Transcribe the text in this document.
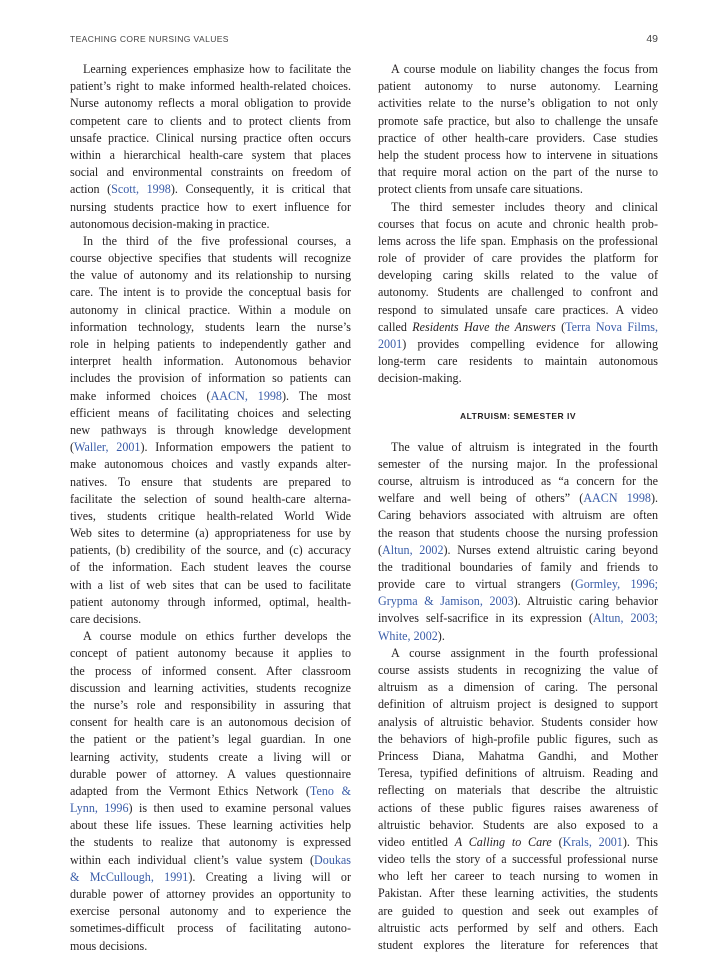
TEACHING CORE NURSING VALUES	49
Learning experiences emphasize how to facilitate the
patient’s right to make informed health-related choices.
Nurse autonomy reflects a moral obligation to provide
competent care to clients and to protect clients from
unsafe practice. Clinical nursing practice often occurs
within a hierarchical health-care system that places
social and environmental constraints on freedom of
action (Scott, 1998). Consequently, it is critical that
nursing students practice how to exert influence for
autonomous decision-making in practice.
In the third of the five professional courses, a
course objective specifies that students will recognize
the value of autonomy and its relationship to nursing
care. The intent is to provide the conceptual basis for
autonomy in clinical practice. Within a module on
information technology, students learn the nurse’s
role in helping patients to independently gather and
interpret health information. Autonomous behavior
includes the provision of information so patients can
make informed choices (AACN, 1998). The most
efficient means of facilitating choices and selecting
new pathways is through knowledge development
(Waller, 2001). Information empowers the patient to
make autonomous choices and vastly expands alter-
natives. To ensure that students are prepared to
facilitate the selection of sound health-care alterna-
tives, students critique health-related World Wide
Web sites to determine (a) appropriateness for use by
patients, (b) credibility of the source, and (c) accuracy
of the information. Each student leaves the course
with a list of web sites that can be used to facilitate
patient autonomy through informed, optimal, health-
care decisions.
A course module on ethics further develops the
concept of patient autonomy because it applies to
the process of informed consent. After classroom
discussion and learning activities, students recognize
the nurse’s role and responsibility in assuring that
consent for health care is an autonomous decision of
the patient or the patient’s legal guardian. In one
learning activity, students create a living will or
durable power of attorney. A values questionnaire
adapted from the Vermont Ethics Network (Teno &
Lynn, 1996) is then used to examine personal values
about these life issues. These learning activities help
the students to realize that autonomy is expressed
within each individual client’s value system (Doukas
& McCullough, 1991). Creating a living will or
durable power of attorney provides an opportunity to
exercise personal autonomy and to experience the
sometimes-difficult process of facilitating autono-
mous decisions.
A course module on liability changes the focus from
patient autonomy to nurse autonomy. Learning
activities relate to the nurse’s obligation to not only
promote safe practice, but also to challenge the unsafe
practice of other health-care providers. Case studies
help the student process how to intervene in situations
that require moral action on the part of the nurse to
protect clients from unsafe care situations.
The third semester includes theory and clinical
courses that focus on acute and chronic health prob-
lems across the life span. Emphasis on the professional
role of provider of care provides the platform for
developing caring skills related to the value of
autonomy. Students are challenged to confront and
respond to simulated unsafe care practices. A video
called Residents Have the Answers (Terra Nova Films,
2001) provides compelling evidence for allowing
long-term care residents to maintain autonomous
decision-making.
ALTRUISM: SEMESTER IV
The value of altruism is integrated in the fourth
semester of the nursing major. In the professional
course, altruism is introduced as “a concern for the
welfare and well being of others” (AACN 1998).
Caring behaviors associated with altruism are often
the reason that students choose the nursing profession
(Altun, 2002). Nurses extend altruistic caring beyond
the traditional boundaries of family and friends to
provide care to virtual strangers (Gormley, 1996;
Grypma & Jamison, 2003). Altruistic caring behavior
involves self-sacrifice in its expression (Altun, 2003;
White, 2002).
A course assignment in the fourth professional
course assists students in recognizing the value of
altruism as a dimension of caring. The personal
definition of altruism project is designed to support
analysis of altruistic behavior. Students consider how
the behaviors of high-profile public figures, such as
Princess Diana, Mahatma Gandhi, and Mother
Teresa, typified definitions of altruism. Reading and
reflecting on materials that describe the altruistic
actions of these public figures raises awareness of
altruistic behavior. Students are also exposed to a
video entitled A Calling to Care (Krals, 2001). This
video tells the story of a successful professional nurse
who left her career to teach nursing to women in
Pakistan. After these learning activities, the students
are guided to question and seek out examples of
altruistic acts performed by self and others. Each
student explores the literature for references that
